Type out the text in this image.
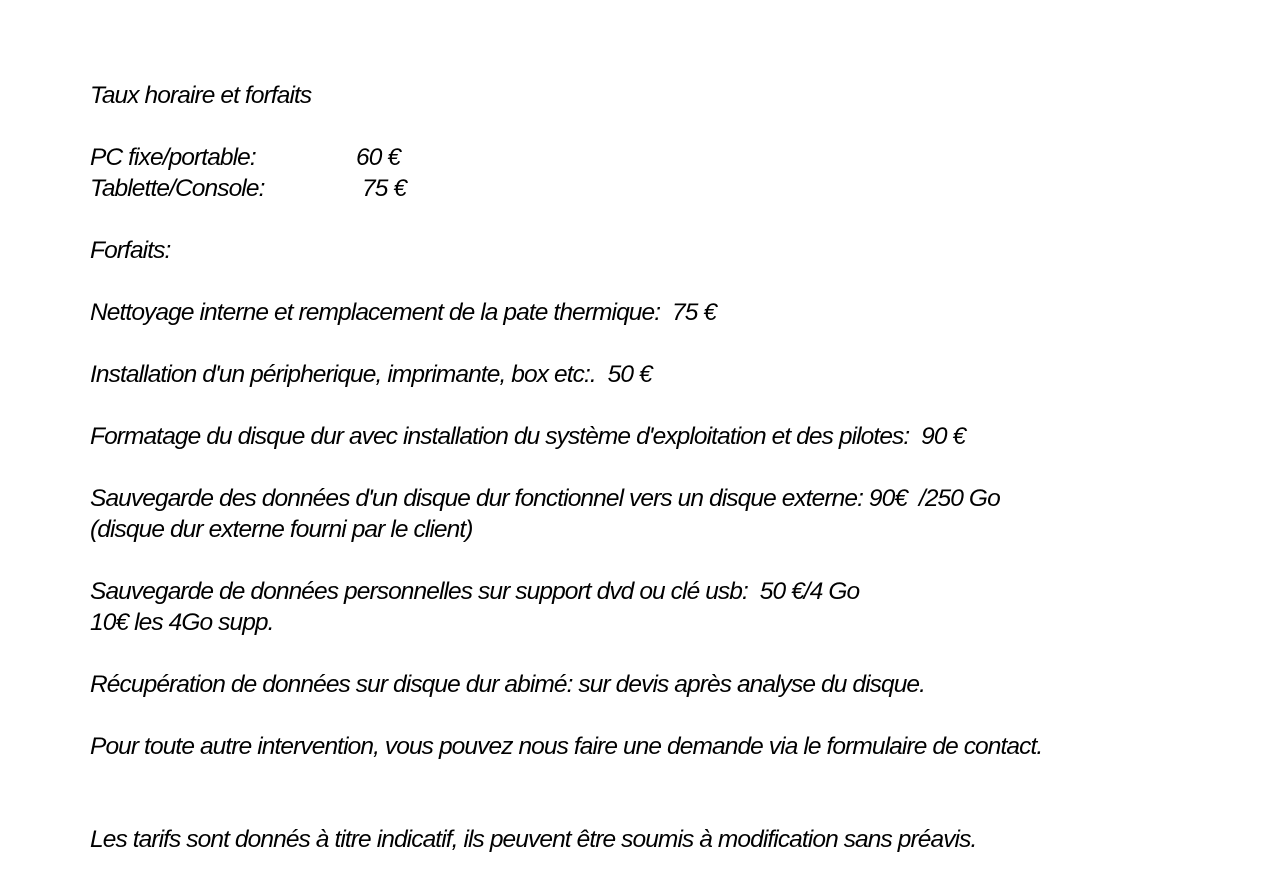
Taux horaire et forfaits

PC fixe/portable:	60 €

Tablette/Console:	75 €

Forfaits:

Nettoyage interne et remplacement de la pate thermique:  75 €

Installation d'un péripherique, imprimante, box etc:.  50 €

Formatage du disque dur avec installation du système d'exploitation et des pilotes:  90 €

Sauvegarde des données d'un disque dur fonctionnel vers un disque externe: 90€  /250 Go

(disque dur externe fourni par le client)

Sauvegarde de données personnelles sur support dvd ou clé usb:  50 €/4 Go

10€ les 4Go supp.

Récupération de données sur disque dur abimé: sur devis après analyse du disque.

Pour toute autre intervention, vous pouvez nous faire une demande via le formulaire de contact.

Les tarifs sont donnés à titre indicatif, ils peuvent être soumis à modification sans préavis.
